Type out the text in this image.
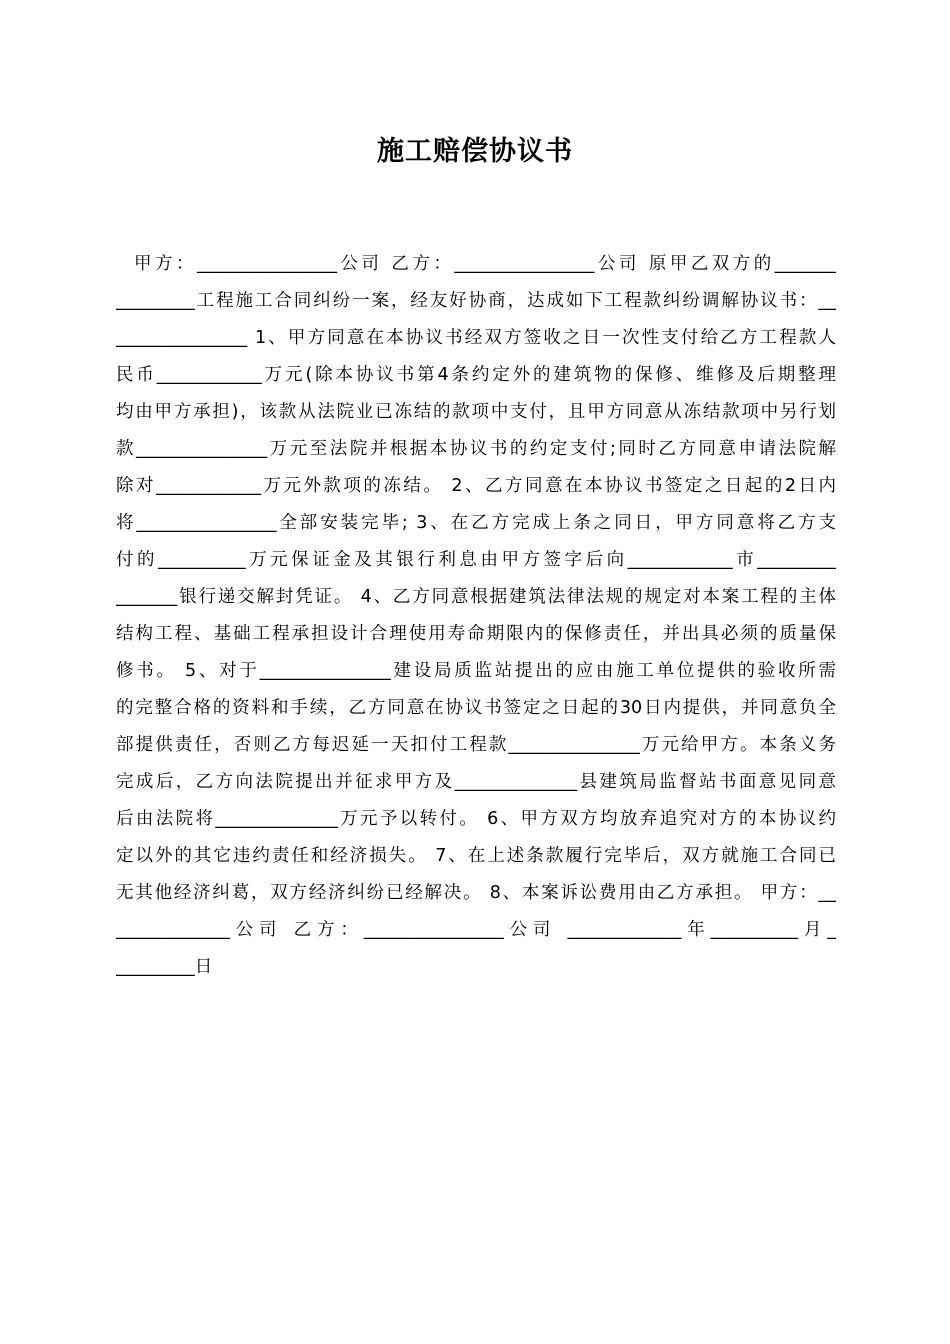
施工赔偿协议书
甲方：________________公司 乙方：________________公司 原甲乙双方的_______
_________工程施工合同纠纷一案，经友好协商，达成如下工程款纠纷调解协议书：__
_______________ 1、甲方同意在本协议书经双方签收之日一次性支付给乙方工程款人
民币____________万元(除本协议书第4条约定外的建筑物的保修、维修及后期整理
均由甲方承担)，该款从法院业已冻结的款项中支付，且甲方同意从冻结款项中另行划
款_______________万元至法院并根据本协议书的约定支付;同时乙方同意申请法院解
除对____________万元外款项的冻结。 2、乙方同意在本协议书签定之日起的2日内
将________________全部安装完毕; 3、在乙方完成上条之同日，甲方同意将乙方支
付的__________万元保证金及其银行利息由甲方签字后向____________市_________
_______银行递交解封凭证。 4、乙方同意根据建筑法律法规的规定对本案工程的主体
结构工程、基础工程承担设计合理使用寿命期限内的保修责任，并出具必须的质量保
修书。 5、对于_______________建设局质监站提出的应由施工单位提供的验收所需
的完整合格的资料和手续，乙方同意在协议书签定之日起的30日内提供，并同意负全
部提供责任，否则乙方每迟延一天扣付工程款_______________万元给甲方。本条义务
完成后，乙方向法院提出并征求甲方及______________县建筑局监督站书面意见同意
后由法院将______________万元予以转付。 6、甲方双方均放弃追究对方的本协议约
定以外的其它违约责任和经济损失。 7、在上述条款履行完毕后，双方就施工合同已
无其他经济纠葛，双方经济纠纷已经解决。 8、本案诉讼费用由乙方承担。 甲方：__
_____________公司 乙方：________________公司 _____________年__________月_
_________日
